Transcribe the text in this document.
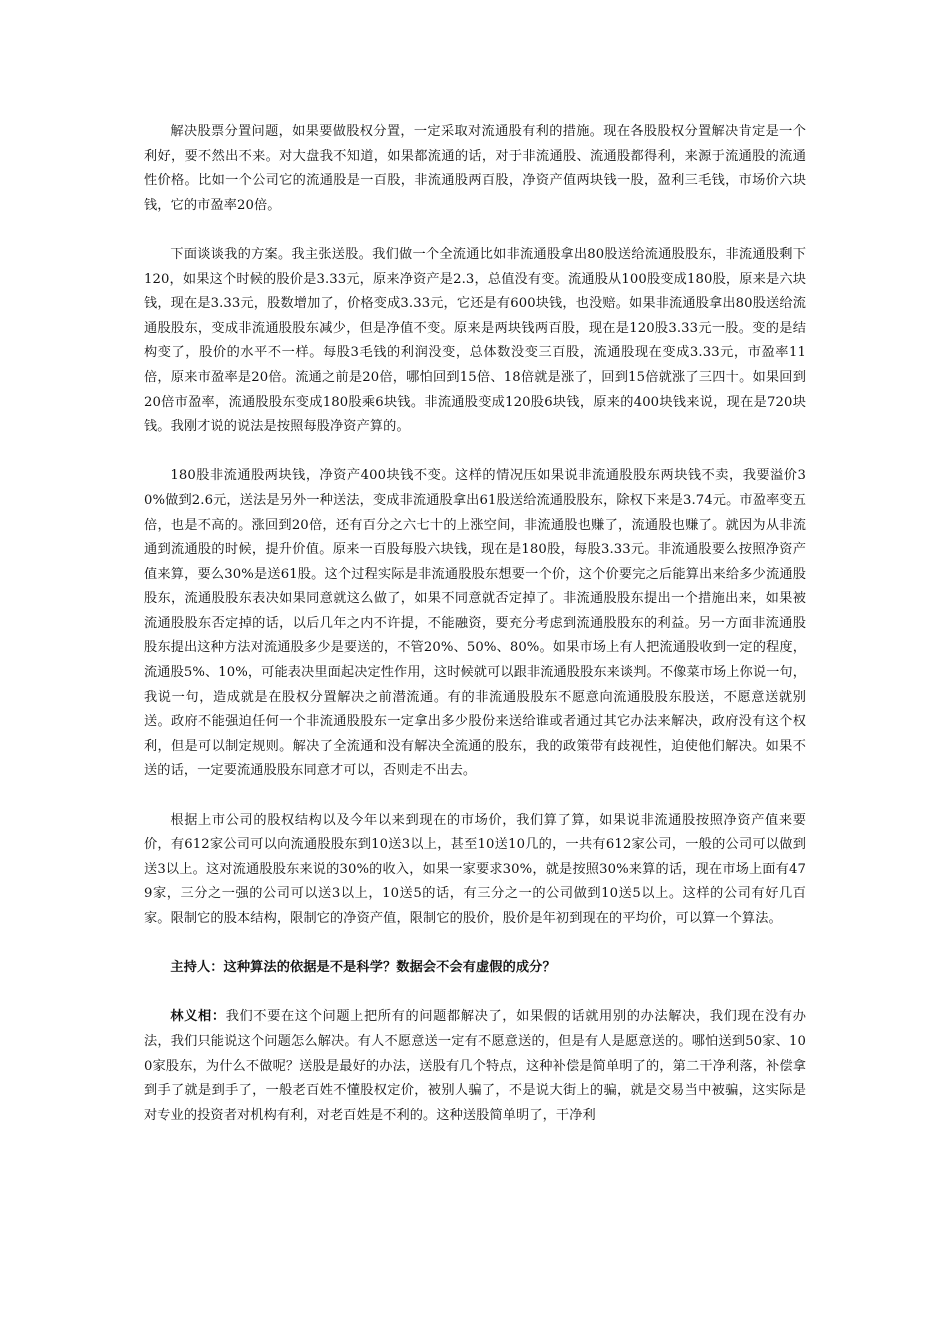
解决股票分置问题，如果要做股权分置，一定采取对流通股有利的措施。现在各股股权分置解决肯定是一个利好，要不然出不来。对大盘我不知道，如果都流通的话，对于非流通股、流通股都得利，来源于流通股的流通性价格。比如一个公司它的流通股是一百股，非流通股两百股，净资产值两块钱一股，盈利三毛钱，市场价六块钱，它的市盈率20倍。

下面谈谈我的方案。我主张送股。我们做一个全流通比如非流通股拿出80股送给流通股股东，非流通股剩下120，如果这个时候的股价是3.33元，原来净资产是2.3，总值没有变。流通股从100股变成180股，原来是六块钱，现在是3.33元，股数增加了，价格变成3.33元，它还是有600块钱，也没赔。如果非流通股拿出80股送给流通股股东，变成非流通股股东减少，但是净值不变。原来是两块钱两百股，现在是120股3.33元一股。变的是结构变了，股价的水平不一样。每股3毛钱的利润没变，总体数没变三百股，流通股现在变成3.33元，市盈率11倍，原来市盈率是20倍。流通之前是20倍，哪怕回到15倍、18倍就是涨了，回到15倍就涨了三四十。如果回到20倍市盈率，流通股股东变成180股乘6块钱。非流通股变成120股6块钱，原来的400块钱来说，现在是720块钱。我刚才说的说法是按照每股净资产算的。

180股非流通股两块钱，净资产400块钱不变。这样的情况压如果说非流通股股东两块钱不卖，我要溢价30%做到2.6元，送法是另外一种送法，变成非流通股拿出61股送给流通股股东，除权下来是3.74元。市盈率变五倍，也是不高的。涨回到20倍，还有百分之六七十的上涨空间，非流通股也赚了，流通股也赚了。就因为从非流通到流通股的时候，提升价值。原来一百股每股六块钱，现在是180股，每股3.33元。非流通股要么按照净资产值来算，要么30%是送61股。这个过程实际是非流通股股东想要一个价，这个价要完之后能算出来给多少流通股股东，流通股股东表决如果同意就这么做了，如果不同意就否定掉了。非流通股股东提出一个措施出来，如果被流通股股东否定掉的话，以后几年之内不许提，不能融资，要充分考虑到流通股股东的利益。另一方面非流通股股东提出这种方法对流通股多少是要送的，不管20%、50%、80%。如果市场上有人把流通股收到一定的程度，流通股5%、10%，可能表决里面起决定性作用，这时候就可以跟非流通股股东来谈判。不像菜市场上你说一句，我说一句，造成就是在股权分置解决之前潜流通。有的非流通股股东不愿意向流通股股东股送，不愿意送就别送。政府不能强迫任何一个非流通股股东一定拿出多少股份来送给谁或者通过其它办法来解决，政府没有这个权利，但是可以制定规则。解决了全流通和没有解决全流通的股东，我的政策带有歧视性，迫使他们解决。如果不送的话，一定要流通股股东同意才可以，否则走不出去。

根据上市公司的股权结构以及今年以来到现在的市场价，我们算了算，如果说非流通股按照净资产值来要价，有612家公司可以向流通股股东到10送3以上，甚至10送10几的，一共有612家公司，一般的公司可以做到送3以上。这对流通股股东来说的30%的收入，如果一家要求30%，就是按照30%来算的话，现在市场上面有479家，三分之一强的公司可以送3以上，10送5的话，有三分之一的公司做到10送5以上。这样的公司有好几百家。限制它的股本结构，限制它的净资产值，限制它的股价，股价是年初到现在的平均价，可以算一个算法。

主持人：这种算法的依据是不是科学？数据会不会有虚假的成分？

林义相：我们不要在这个问题上把所有的问题都解决了，如果假的话就用别的办法解决，我们现在没有办法，我们只能说这个问题怎么解决。有人不愿意送一定有不愿意送的，但是有人是愿意送的。哪怕送到50家、100家股东，为什么不做呢？送股是最好的办法，送股有几个特点，这种补偿是简单明了的，第二干净利落，补偿拿到手了就是到手了，一般老百姓不懂股权定价，被别人骗了，不是说大街上的骗，就是交易当中被骗，这实际是对专业的投资者对机构有利，对老百姓是不利的。这种送股简单明了，干净利
